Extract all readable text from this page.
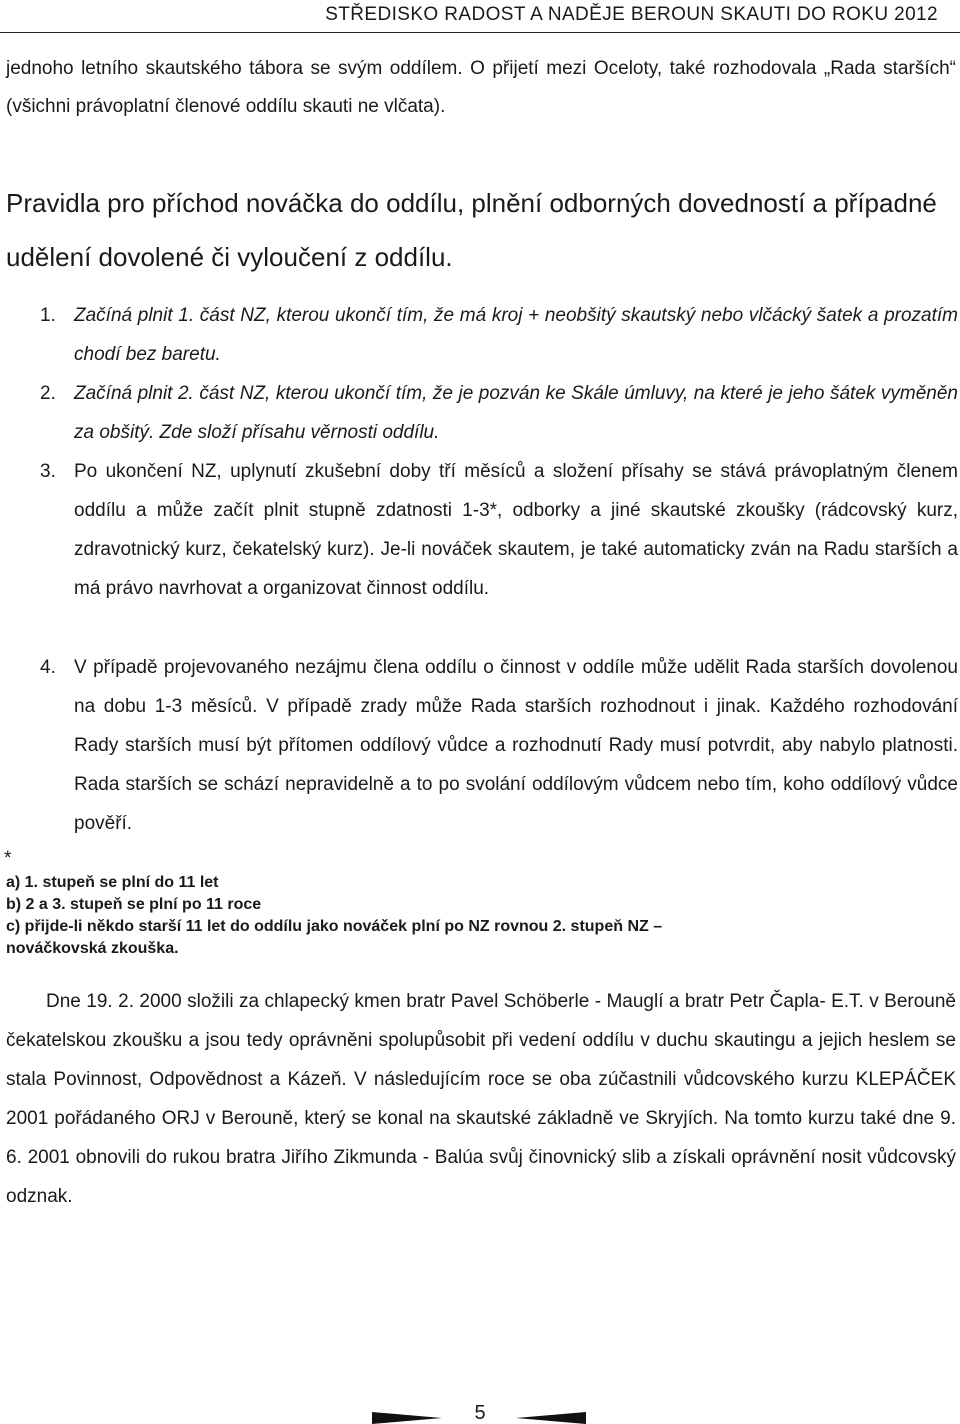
STŘEDISKO RADOST A NADĚJE BEROUN SKAUTI DO ROKU 2012
jednoho letního skautského tábora se svým oddílem. O přijetí mezi Oceloty, také rozhodovala „Rada starších“ (všichni právoplatní členové oddílu skauti ne vlčata).
Pravidla pro příchod nováčka do oddílu, plnění odborných dovedností a případné udělení dovolené či vyloučení z oddílu.
1. Začíná plnit 1. část NZ, kterou ukončí tím, že má kroj + neobšitý skautský nebo vlčácký šatek a prozatím chodí bez baretu.
2. Začíná plnit 2. část NZ, kterou ukončí tím, že je pozván ke Skále úmluvy, na které je jeho šátek vyměněn za obšitý. Zde složí přísahu věrnosti oddílu.
3. Po ukončení NZ, uplynutí zkušební doby tří měsíců a složení přísahy se stává právoplatným členem oddílu a může začít plnit stupně zdatnosti 1-3*, odborky a jiné skautské zkoušky (rádcovský kurz, zdravotnický kurz, čekatelský kurz). Je-li nováček skautem, je také automaticky zván na Radu starších a má právo navrhovat a organizovat činnost oddílu.
4. V případě projevovaného nezájmu člena oddílu o činnost v oddíle může udělit Rada starších dovolenou na dobu 1-3 měsíců. V případě zrady může Rada starších rozhodnout i jinak. Každého rozhodování Rady starších musí být přítomen oddílový vůdce a rozhodnutí Rady musí potvrdit, aby nabylo platnosti. Rada starších se schází nepravidelně a to po svolání oddílovým vůdcem nebo tím, koho oddílový vůdce pověří.
*
a) 1. stupeň se plní do 11 let
b) 2 a 3. stupeň se plní po 11 roce
c) přijde-li někdo starší 11 let do oddílu jako nováček plní po NZ rovnou 2. stupeň NZ – nováčkovská zkouška.
Dne 19. 2. 2000 složili za chlapecký kmen bratr Pavel Schöberle - Mauglí a bratr Petr Čapla- E.T. v Berouně čekatelskou zkoušku a jsou tedy oprávněni spolupůsobit při vedení oddílu v duchu skautingu a jejich heslem se stala Povinnost, Odpovědnost a Kázeň. V následujícím roce se oba zúčastnili vůdcovského kurzu KLEPÁČEK 2001 pořádaného ORJ v Berouně, který se konal na skautské základně ve Skryjích. Na tomto kurzu také dne 9. 6. 2001 obnovili do rukou bratra Jiřího Zikmunda - Balúa svůj činovnický slib a získali oprávnění nosit vůdcovský odznak.
5
